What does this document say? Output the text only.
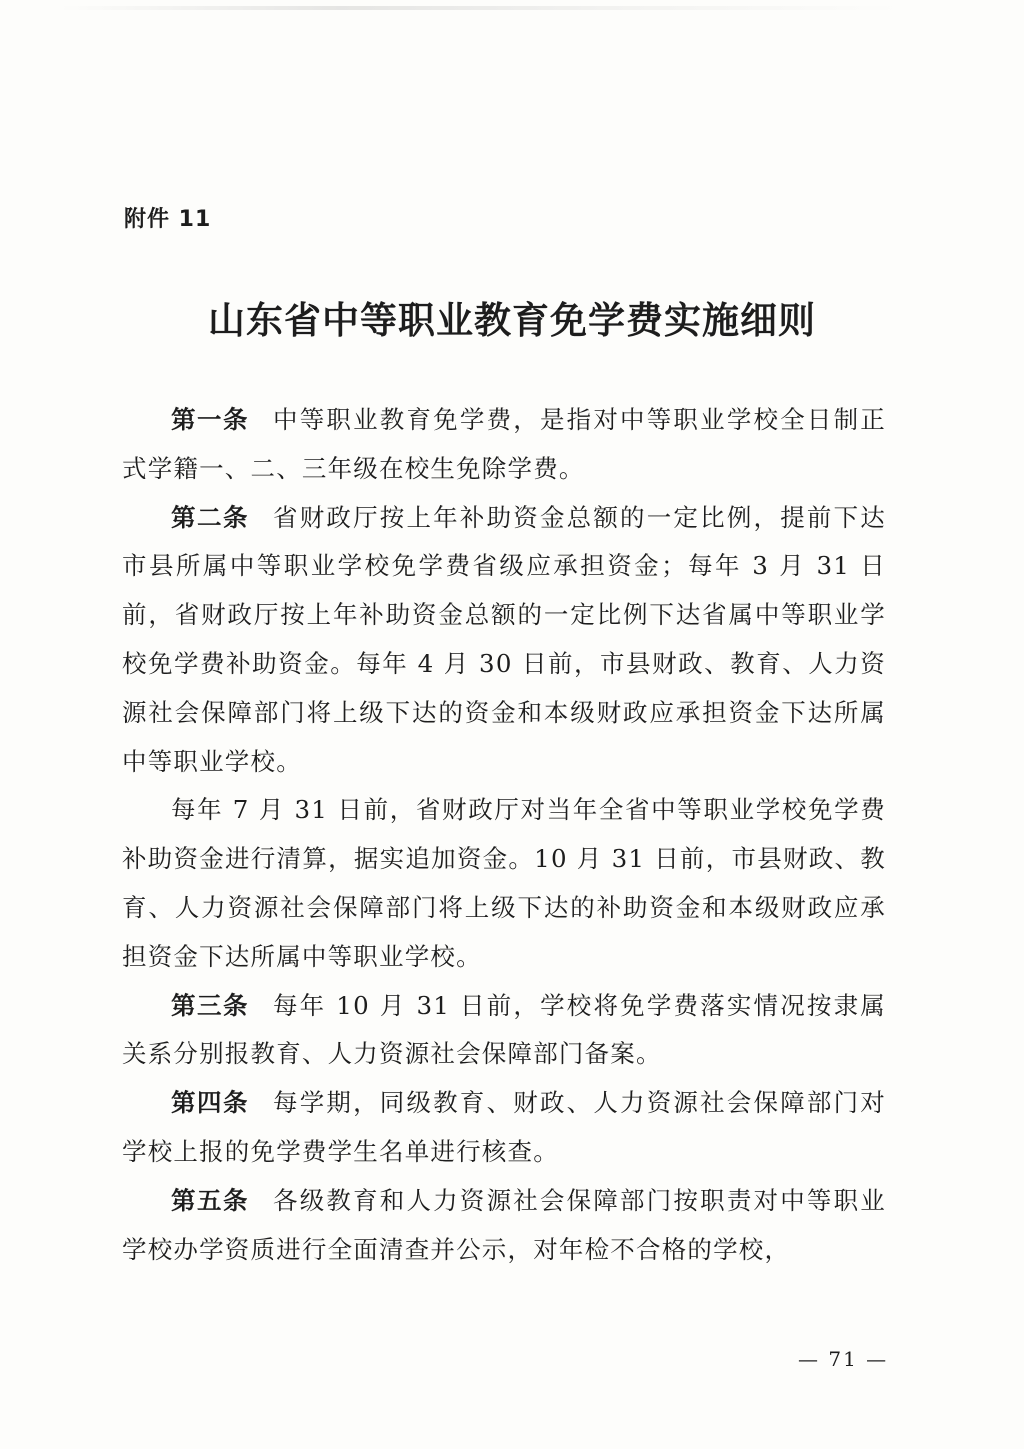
附件 11
山东省中等职业教育免学费实施细则

第一条 中等职业教育免学费，是指对中等职业学校全日制正式学籍一、二、三年级在校生免除学费。

第二条 省财政厅按上年补助资金总额的一定比例，提前下达市县所属中等职业学校免学费省级应承担资金；每年 3 月 31 日前，省财政厅按上年补助资金总额的一定比例下达省属中等职业学校免学费补助资金。每年 4 月 30 日前，市县财政、教育、人力资源社会保障部门将上级下达的资金和本级财政应承担资金下达所属中等职业学校。

每年 7 月 31 日前，省财政厅对当年全省中等职业学校免学费补助资金进行清算，据实追加资金。10 月 31 日前，市县财政、教育、人力资源社会保障部门将上级下达的补助资金和本级财政应承担资金下达所属中等职业学校。

第三条 每年 10 月 31 日前，学校将免学费落实情况按隶属关系分别报教育、人力资源社会保障部门备案。

第四条 每学期，同级教育、财政、人力资源社会保障部门对学校上报的免学费学生名单进行核查。

第五条 各级教育和人力资源社会保障部门按职责对中等职业学校办学资质进行全面清查并公示，对年检不合格的学校，

— 71 —
